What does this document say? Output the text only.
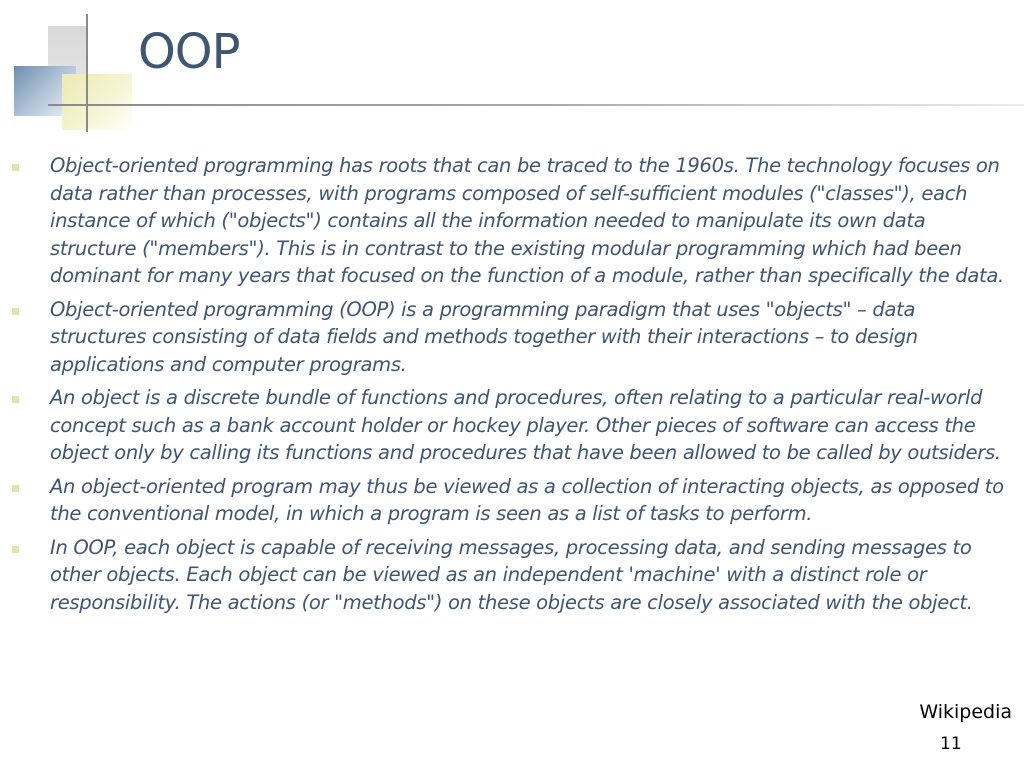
OOP
Object-oriented programming has roots that can be traced to the 1960s. The technology focuses on data rather than processes, with programs composed of self-sufficient modules ("classes"), each instance of which ("objects") contains all the information needed to manipulate its own data structure ("members"). This is in contrast to the existing modular programming which had been dominant for many years that focused on the function of a module, rather than specifically the data.
Object-oriented programming (OOP) is a programming paradigm that uses "objects" – data structures consisting of data fields and methods together with their interactions – to design applications and computer programs.
An object is a discrete bundle of functions and procedures, often relating to a particular real-world concept such as a bank account holder or hockey player. Other pieces of software can access the object only by calling its functions and procedures that have been allowed to be called by outsiders.
An object-oriented program may thus be viewed as a collection of interacting objects, as opposed to the conventional model, in which a program is seen as a list of tasks to perform.
In OOP, each object is capable of receiving messages, processing data, and sending messages to other objects. Each object can be viewed as an independent 'machine' with a distinct role or responsibility. The actions (or "methods") on these objects are closely associated with the object.
Wikipedia
11
